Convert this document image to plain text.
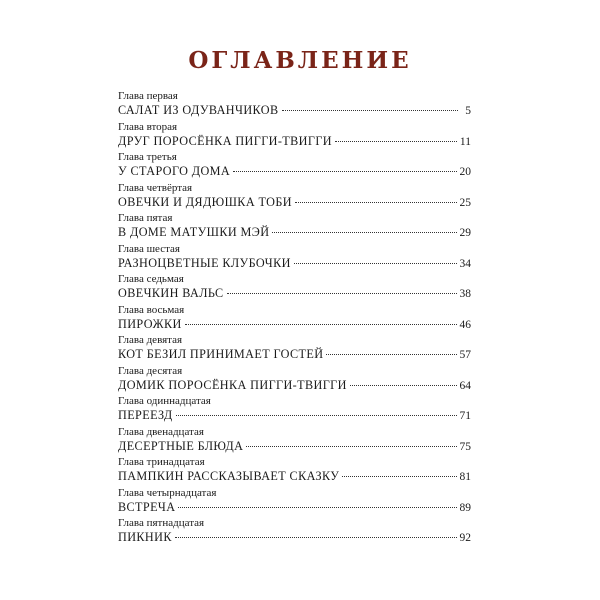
ОГЛАВЛЕНИЕ
Глава первая
САЛАТ ИЗ ОДУВАНЧИКОВ	5
Глава вторая
ДРУГ ПОРОСЁНКА ПИГГИ-ТВИГГИ	11
Глава третья
У СТАРОГО ДОМА	20
Глава четвёртая
ОВЕЧКИ И ДЯДЮШКА ТОБИ	25
Глава пятая
В ДОМЕ МАТУШКИ МЭЙ	29
Глава шестая
РАЗНОЦВЕТНЫЕ КЛУБОЧКИ	34
Глава седьмая
ОВЕЧКИН ВАЛЬС	38
Глава восьмая
ПИРОЖКИ	46
Глава девятая
КОТ БЕЗИЛ ПРИНИМАЕТ ГОСТЕЙ	57
Глава десятая
ДОМИК ПОРОСЁНКА ПИГГИ-ТВИГГИ	64
Глава одиннадцатая
ПЕРЕЕЗД	71
Глава двенадцатая
ДЕСЕРТНЫЕ БЛЮДА	75
Глава тринадцатая
ПАМПКИН РАССКАЗЫВАЕТ СКАЗКУ	81
Глава четырнадцатая
ВСТРЕЧА	89
Глава пятнадцатая
ПИКНИК	92
